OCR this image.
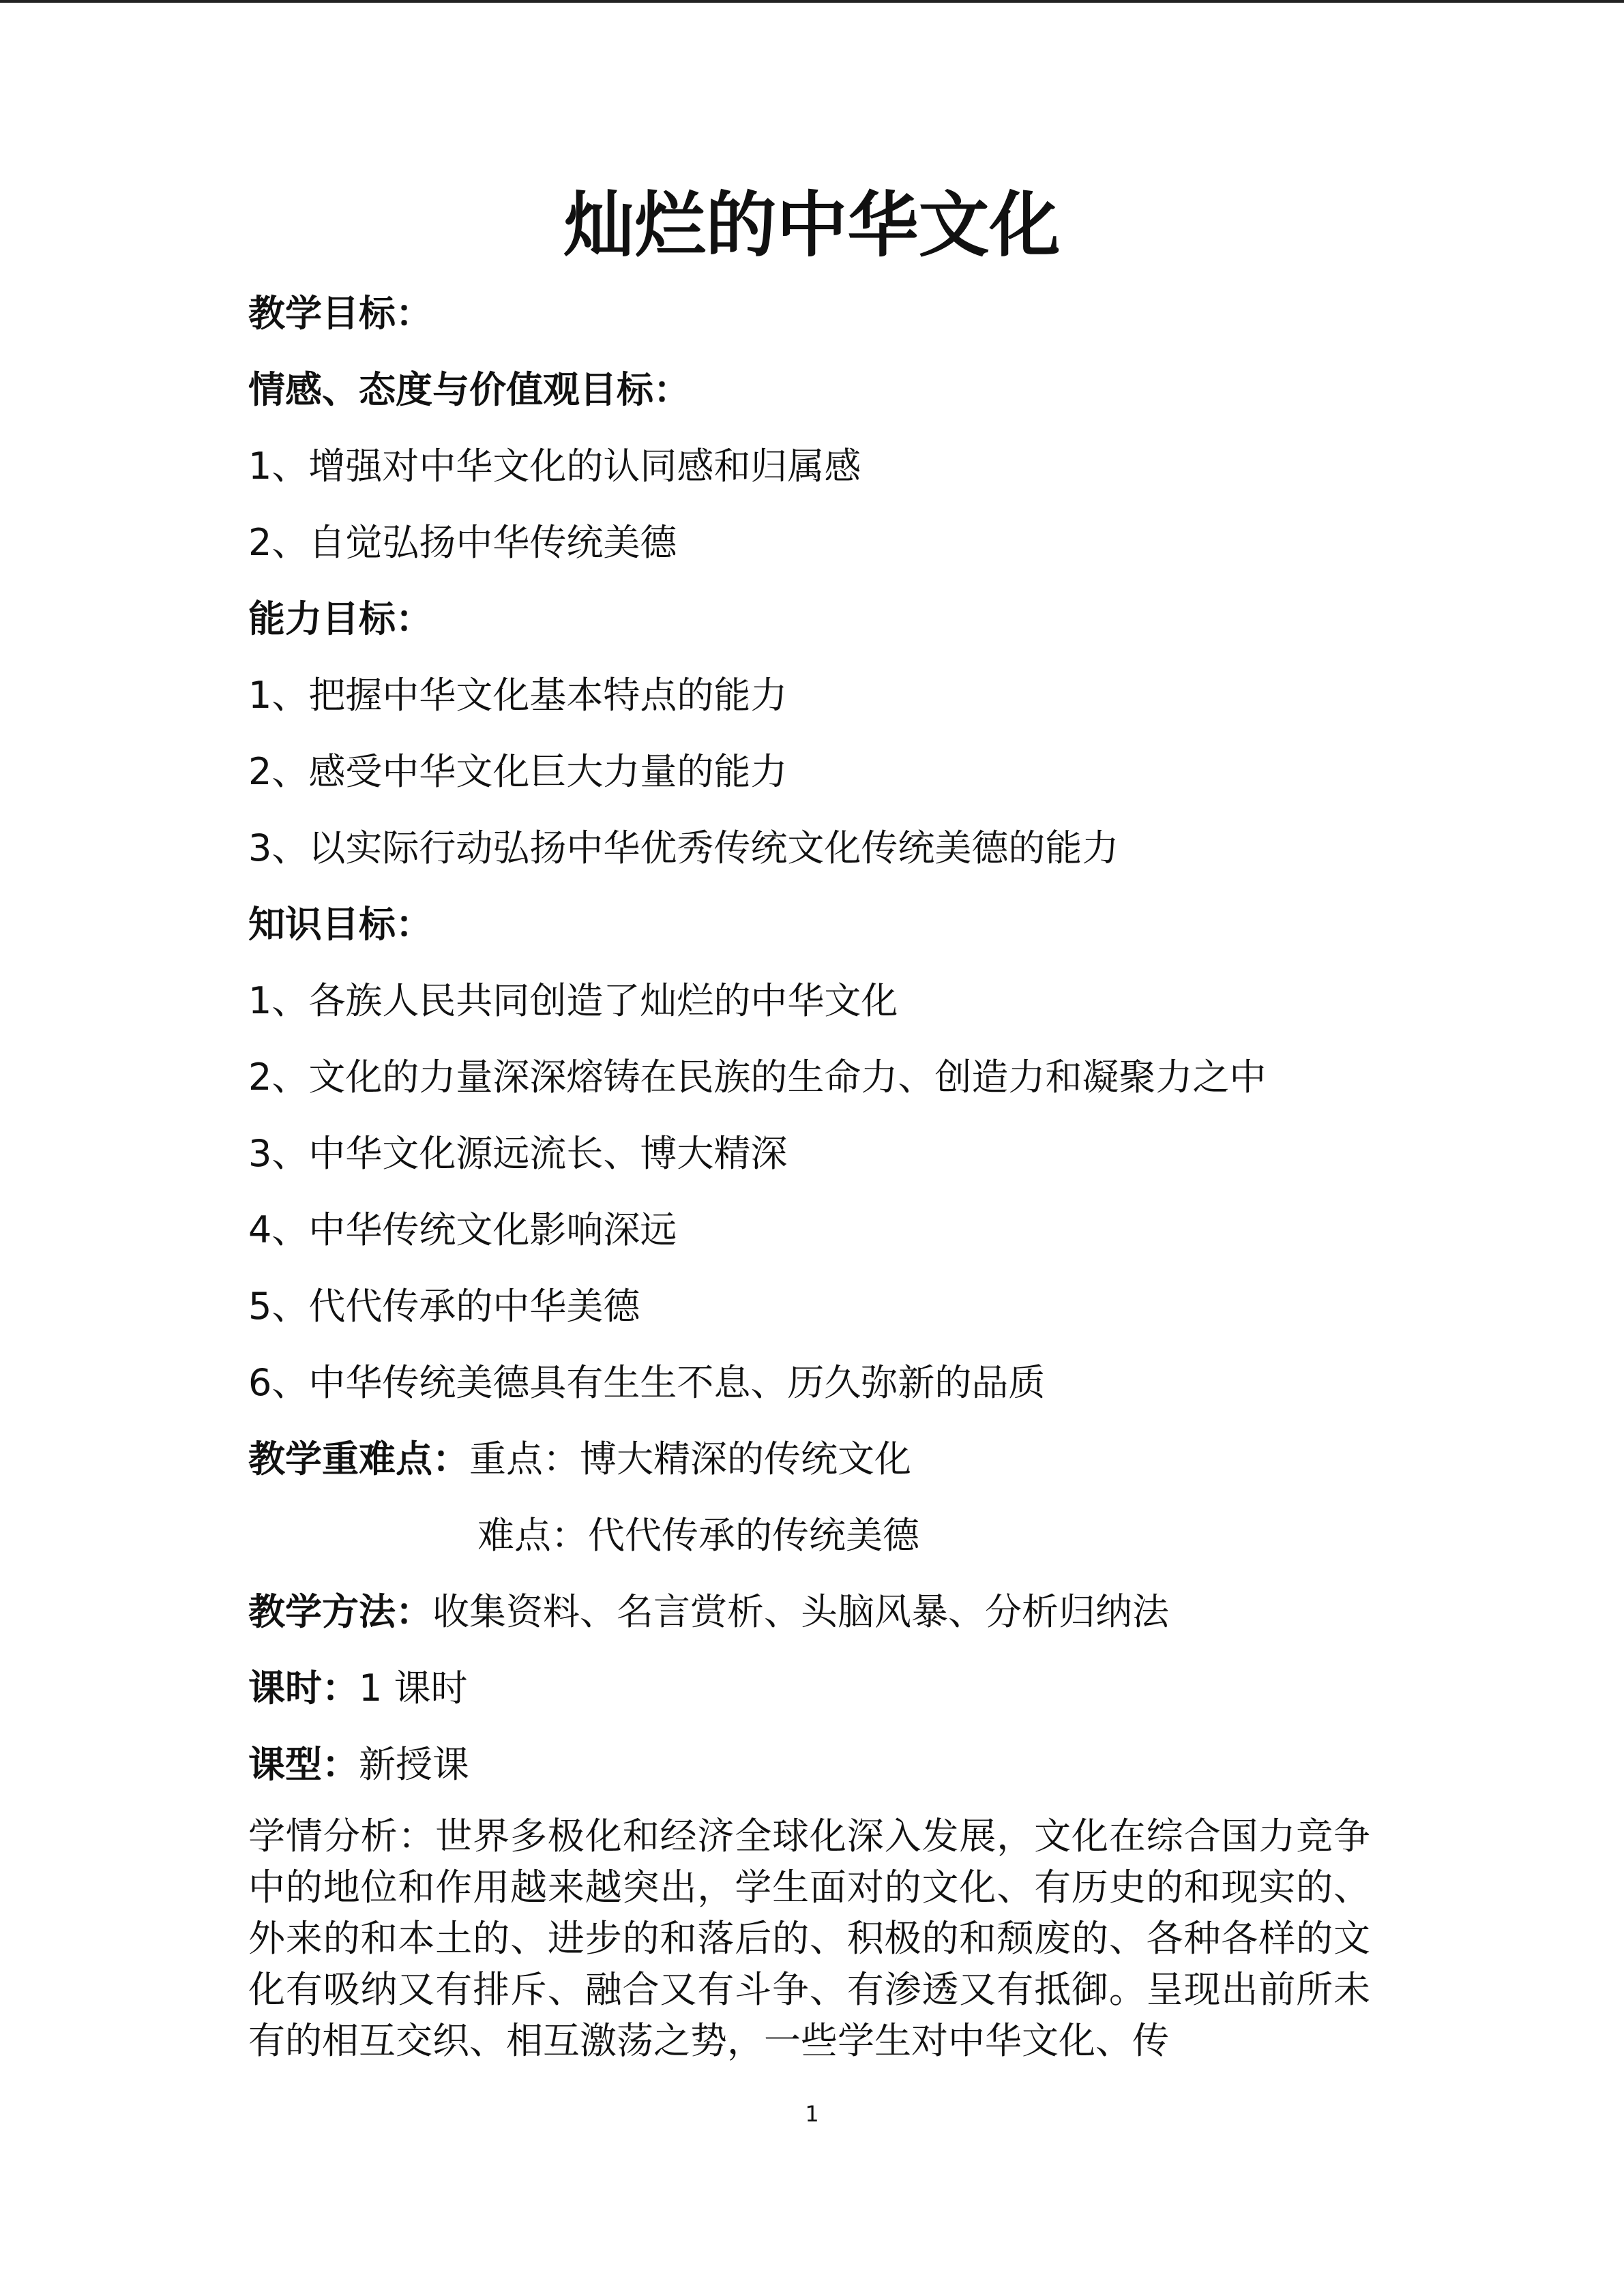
灿烂的中华文化
教学目标：
情感、态度与价值观目标：
1、增强对中华文化的认同感和归属感
2、自觉弘扬中华传统美德
能力目标：
1、把握中华文化基本特点的能力
2、感受中华文化巨大力量的能力
3、以实际行动弘扬中华优秀传统文化传统美德的能力
知识目标：
1、各族人民共同创造了灿烂的中华文化
2、文化的力量深深熔铸在民族的生命力、创造力和凝聚力之中
3、中华文化源远流长、博大精深
4、中华传统文化影响深远
5、代代传承的中华美德
6、中华传统美德具有生生不息、历久弥新的品质
教学重难点：重点：博大精深的传统文化
难点：代代传承的传统美德
教学方法：收集资料、名言赏析、头脑风暴、分析归纳法
课时：1 课时
课型：新授课
学情分析：世界多极化和经济全球化深入发展，文化在综合国力竞争中的地位和作用越来越突出，学生面对的文化、有历史的和现实的、外来的和本土的、进步的和落后的、积极的和颓废的、各种各样的文化有吸纳又有排斥、融合又有斗争、有渗透又有抵御。呈现出前所未有的相互交织、相互激荡之势，一些学生对中华文化、传
1
